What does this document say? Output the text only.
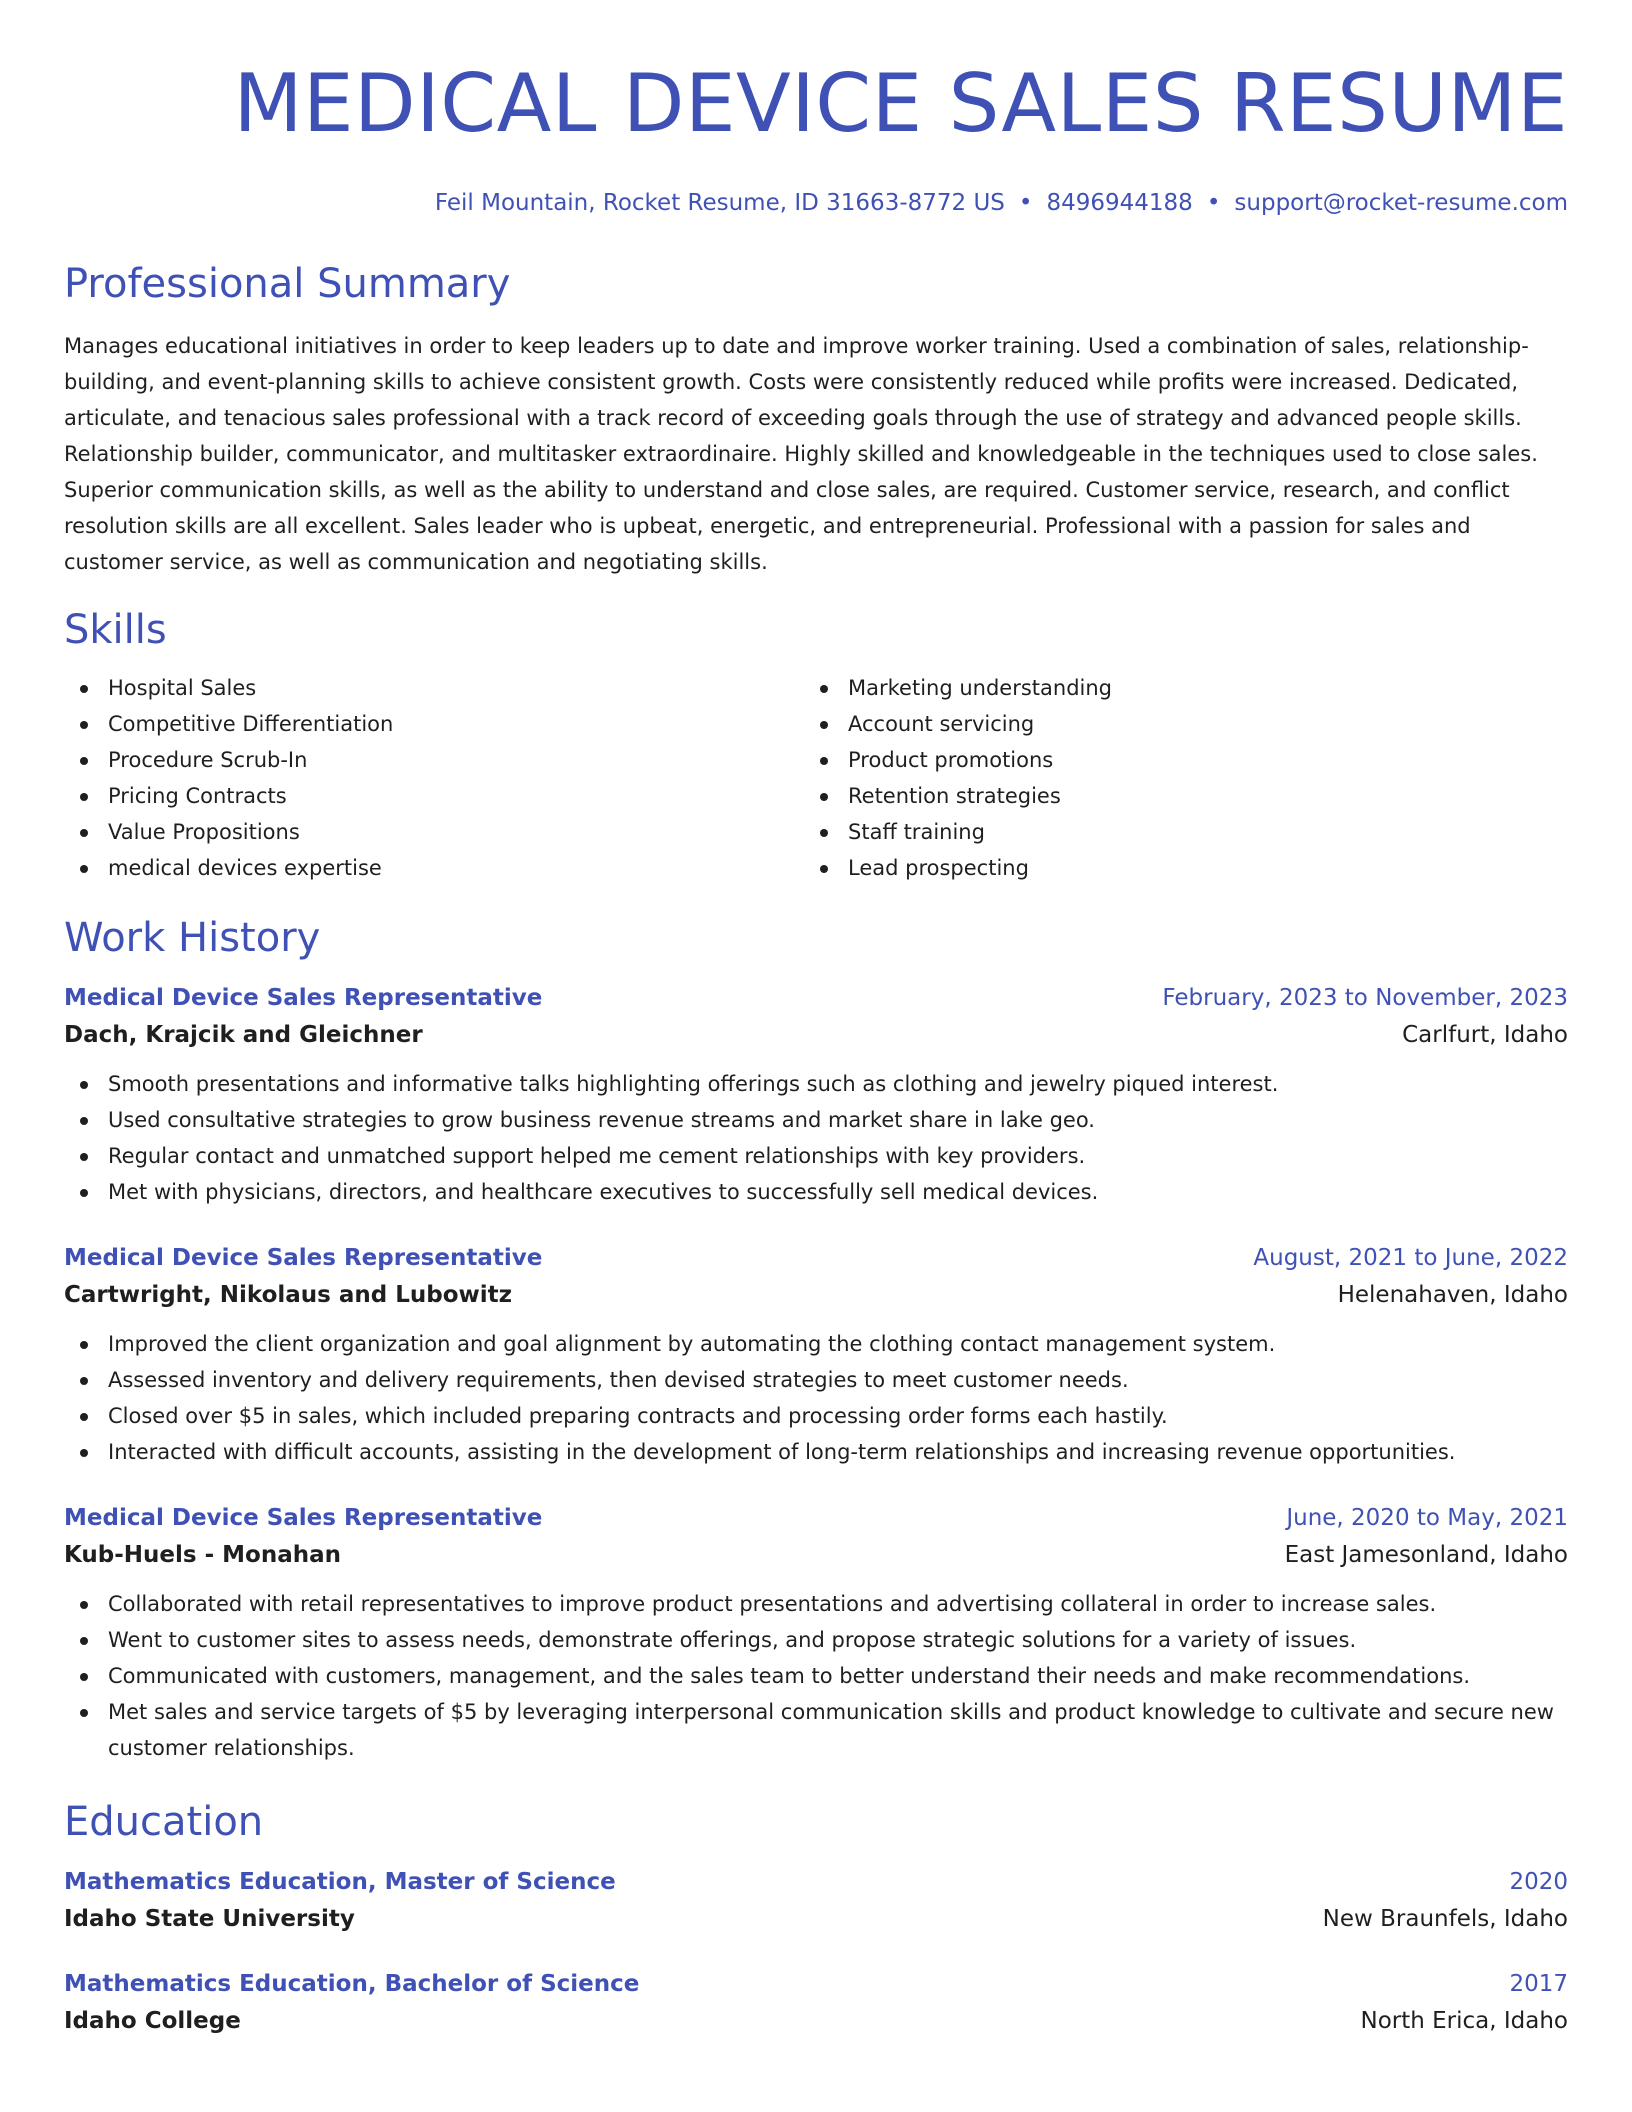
MEDICAL DEVICE SALES RESUME
Feil Mountain, Rocket Resume, ID 31663-8772 US • 8496944188 • support@rocket-resume.com
Professional Summary
Manages educational initiatives in order to keep leaders up to date and improve worker training. Used a combination of sales, relationship-building, and event-planning skills to achieve consistent growth. Costs were consistently reduced while profits were increased. Dedicated, articulate, and tenacious sales professional with a track record of exceeding goals through the use of strategy and advanced people skills. Relationship builder, communicator, and multitasker extraordinaire. Highly skilled and knowledgeable in the techniques used to close sales. Superior communication skills, as well as the ability to understand and close sales, are required. Customer service, research, and conflict resolution skills are all excellent. Sales leader who is upbeat, energetic, and entrepreneurial. Professional with a passion for sales and customer service, as well as communication and negotiating skills.
Skills
Hospital Sales
Competitive Differentiation
Procedure Scrub-In
Pricing Contracts
Value Propositions
medical devices expertise
Marketing understanding
Account servicing
Product promotions
Retention strategies
Staff training
Lead prospecting
Work History
Medical Device Sales Representative	February, 2023 to November, 2023
Dach, Krajcik and Gleichner	Carlfurt, Idaho
Smooth presentations and informative talks highlighting offerings such as clothing and jewelry piqued interest.
Used consultative strategies to grow business revenue streams and market share in lake geo.
Regular contact and unmatched support helped me cement relationships with key providers.
Met with physicians, directors, and healthcare executives to successfully sell medical devices.
Medical Device Sales Representative	August, 2021 to June, 2022
Cartwright, Nikolaus and Lubowitz	Helenahaven, Idaho
Improved the client organization and goal alignment by automating the clothing contact management system.
Assessed inventory and delivery requirements, then devised strategies to meet customer needs.
Closed over $5 in sales, which included preparing contracts and processing order forms each hastily.
Interacted with difficult accounts, assisting in the development of long-term relationships and increasing revenue opportunities.
Medical Device Sales Representative	June, 2020 to May, 2021
Kub-Huels - Monahan	East Jamesonland, Idaho
Collaborated with retail representatives to improve product presentations and advertising collateral in order to increase sales.
Went to customer sites to assess needs, demonstrate offerings, and propose strategic solutions for a variety of issues.
Communicated with customers, management, and the sales team to better understand their needs and make recommendations.
Met sales and service targets of $5 by leveraging interpersonal communication skills and product knowledge to cultivate and secure new customer relationships.
Education
Mathematics Education, Master of Science	2020
Idaho State University	New Braunfels, Idaho
Mathematics Education, Bachelor of Science	2017
Idaho College	North Erica, Idaho
